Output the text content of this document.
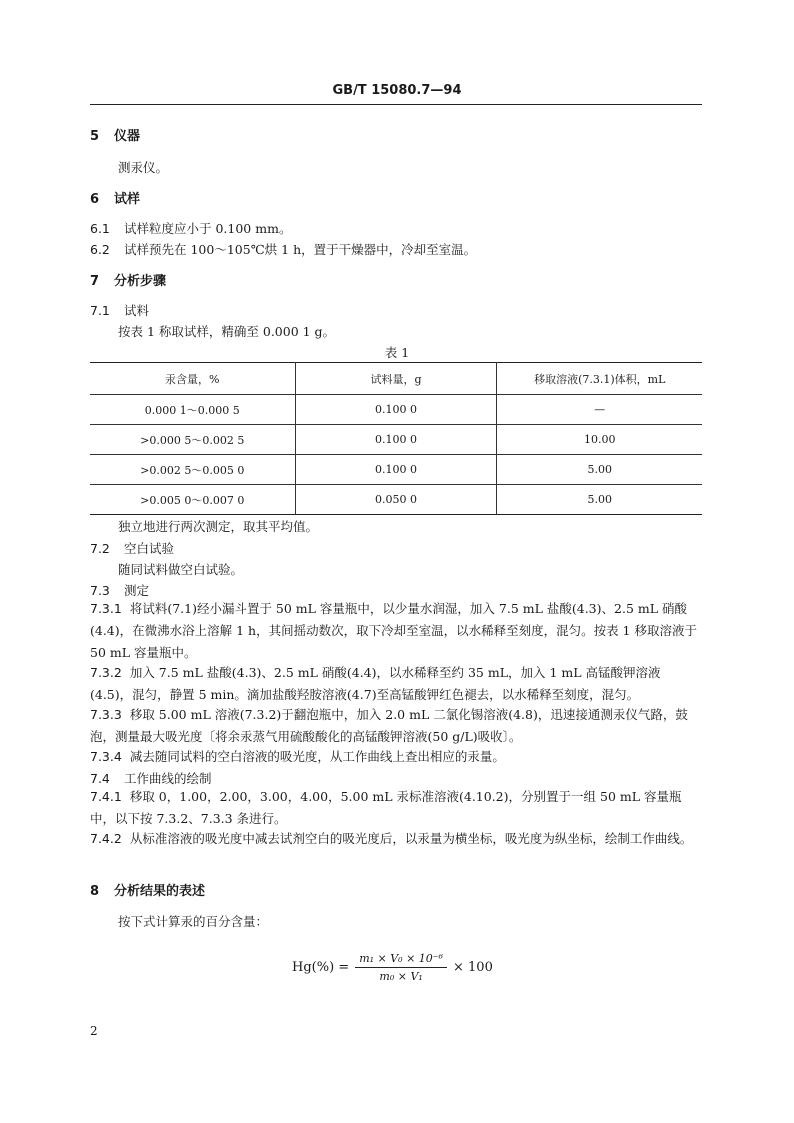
GB/T 15080.7—94
5 仪器
测汞仪。
6 试样
6.1 试样粒度应小于 0.100 mm。
6.2 试样预先在 100～105℃烘 1 h，置于干燥器中，冷却至室温。
7 分析步骤
7.1 试料
按表 1 称取试样，精确至 0.000 1 g。
表 1
汞含量，%	试料量，g	移取溶液(7.3.1)体积，mL
0.000 1～0.000 5	0.100 0	—
>0.000 5～0.002 5	0.100 0	10.00
>0.002 5～0.005 0	0.100 0	5.00
>0.005 0～0.007 0	0.050 0	5.00
独立地进行两次测定，取其平均值。
7.2 空白试验
随同试料做空白试验。
7.3 测定
7.3.1 将试料(7.1)经小漏斗置于 50 mL 容量瓶中，以少量水润湿，加入 7.5 mL 盐酸(4.3)、2.5 mL 硝酸(4.4)，在微沸水浴上溶解 1 h，其间摇动数次，取下冷却至室温，以水稀释至刻度，混匀。按表 1 移取溶液于 50 mL 容量瓶中。
7.3.2 加入 7.5 mL 盐酸(4.3)、2.5 mL 硝酸(4.4)，以水稀释至约 35 mL，加入 1 mL 高锰酸钾溶液(4.5)，混匀，静置 5 min。滴加盐酸羟胺溶液(4.7)至高锰酸钾红色褪去，以水稀释至刻度，混匀。
7.3.3 移取 5.00 mL 溶液(7.3.2)于翻泡瓶中，加入 2.0 mL 二氯化锡溶液(4.8)，迅速接通测汞仪气路，鼓泡，测量最大吸光度〔将余汞蒸气用硫酸酸化的高锰酸钾溶液(50 g/L)吸收〕。
7.3.4 减去随同试料的空白溶液的吸光度，从工作曲线上查出相应的汞量。
7.4 工作曲线的绘制
7.4.1 移取 0，1.00，2.00，3.00，4.00，5.00 mL 汞标准溶液(4.10.2)，分别置于一组 50 mL 容量瓶中，以下按 7.3.2、7.3.3 条进行。
7.4.2 从标准溶液的吸光度中减去试剂空白的吸光度后，以汞量为横坐标，吸光度为纵坐标，绘制工作曲线。
8 分析结果的表述
按下式计算汞的百分含量：
$Hg(\%) = \frac{\text{m₁ × V₀ × 10⁻⁶}}{\text{m₀ × V₁}} \times 100$
2
